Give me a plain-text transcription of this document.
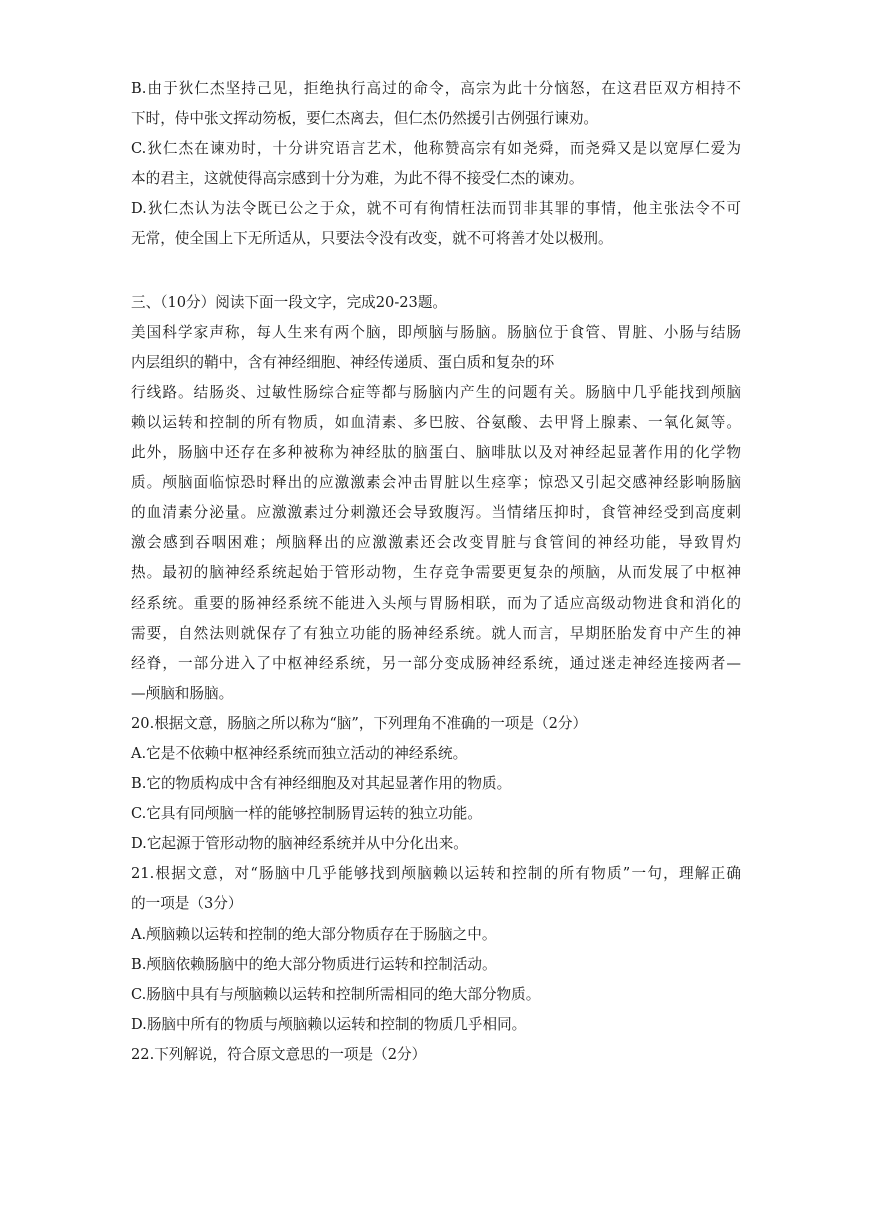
B.由于狄仁杰坚持己见，拒绝执行高过的命令，高宗为此十分恼怒，在这君臣双方相持不
下时，侍中张文挥动笏板，要仁杰离去，但仁杰仍然援引古例强行谏劝。
C.狄仁杰在谏劝时，十分讲究语言艺术，他称赞高宗有如尧舜，而尧舜又是以宽厚仁爱为
本的君主，这就使得高宗感到十分为难，为此不得不接受仁杰的谏劝。
D.狄仁杰认为法令既已公之于众，就不可有徇情枉法而罚非其罪的事情，他主张法令不可
无常，使全国上下无所适从，只要法令没有改变，就不可将善才处以极刑。
三、（10分）阅读下面一段文字，完成20-23题。
美国科学家声称，每人生来有两个脑，即颅脑与肠脑。肠脑位于食管、胃脏、小肠与结肠
内层组织的鞘中，含有神经细胞、神经传递质、蛋白质和复杂的环
行线路。结肠炎、过敏性肠综合症等都与肠脑内产生的问题有关。肠脑中几乎能找到颅脑
赖以运转和控制的所有物质，如血清素、多巴胺、谷氨酸、去甲肾上腺素、一氧化氮等。
此外，肠脑中还存在多种被称为神经肽的脑蛋白、脑啡肽以及对神经起显著作用的化学物
质。颅脑面临惊恐时释出的应激激素会冲击胃脏以生痉挛；惊恐又引起交感神经影响肠脑
的血清素分泌量。应激激素过分刺激还会导致腹泻。当情绪压抑时，食管神经受到高度刺
激会感到吞咽困难；颅脑释出的应激激素还会改变胃脏与食管间的神经功能，导致胃灼
热。最初的脑神经系统起始于管形动物，生存竞争需要更复杂的颅脑，从而发展了中枢神
经系统。重要的肠神经系统不能进入头颅与胃肠相联，而为了适应高级动物进食和消化的
需要，自然法则就保存了有独立功能的肠神经系统。就人而言，早期胚胎发育中产生的神
经脊，一部分进入了中枢神经系统，另一部分变成肠神经系统，通过迷走神经连接两者—
—颅脑和肠脑。
20.根据文意，肠脑之所以称为“脑”，下列理角不准确的一项是（2分）
A.它是不依赖中枢神经系统而独立活动的神经系统。
B.它的物质构成中含有神经细胞及对其起显著作用的物质。
C.它具有同颅脑一样的能够控制肠胃运转的独立功能。
D.它起源于管形动物的脑神经系统并从中分化出来。
21.根据文意，对“肠脑中几乎能够找到颅脑赖以运转和控制的所有物质”一句，理解正确
的一项是（3分）
A.颅脑赖以运转和控制的绝大部分物质存在于肠脑之中。
B.颅脑依赖肠脑中的绝大部分物质进行运转和控制活动。
C.肠脑中具有与颅脑赖以运转和控制所需相同的绝大部分物质。
D.肠脑中所有的物质与颅脑赖以运转和控制的物质几乎相同。
22.下列解说，符合原文意思的一项是（2分）
